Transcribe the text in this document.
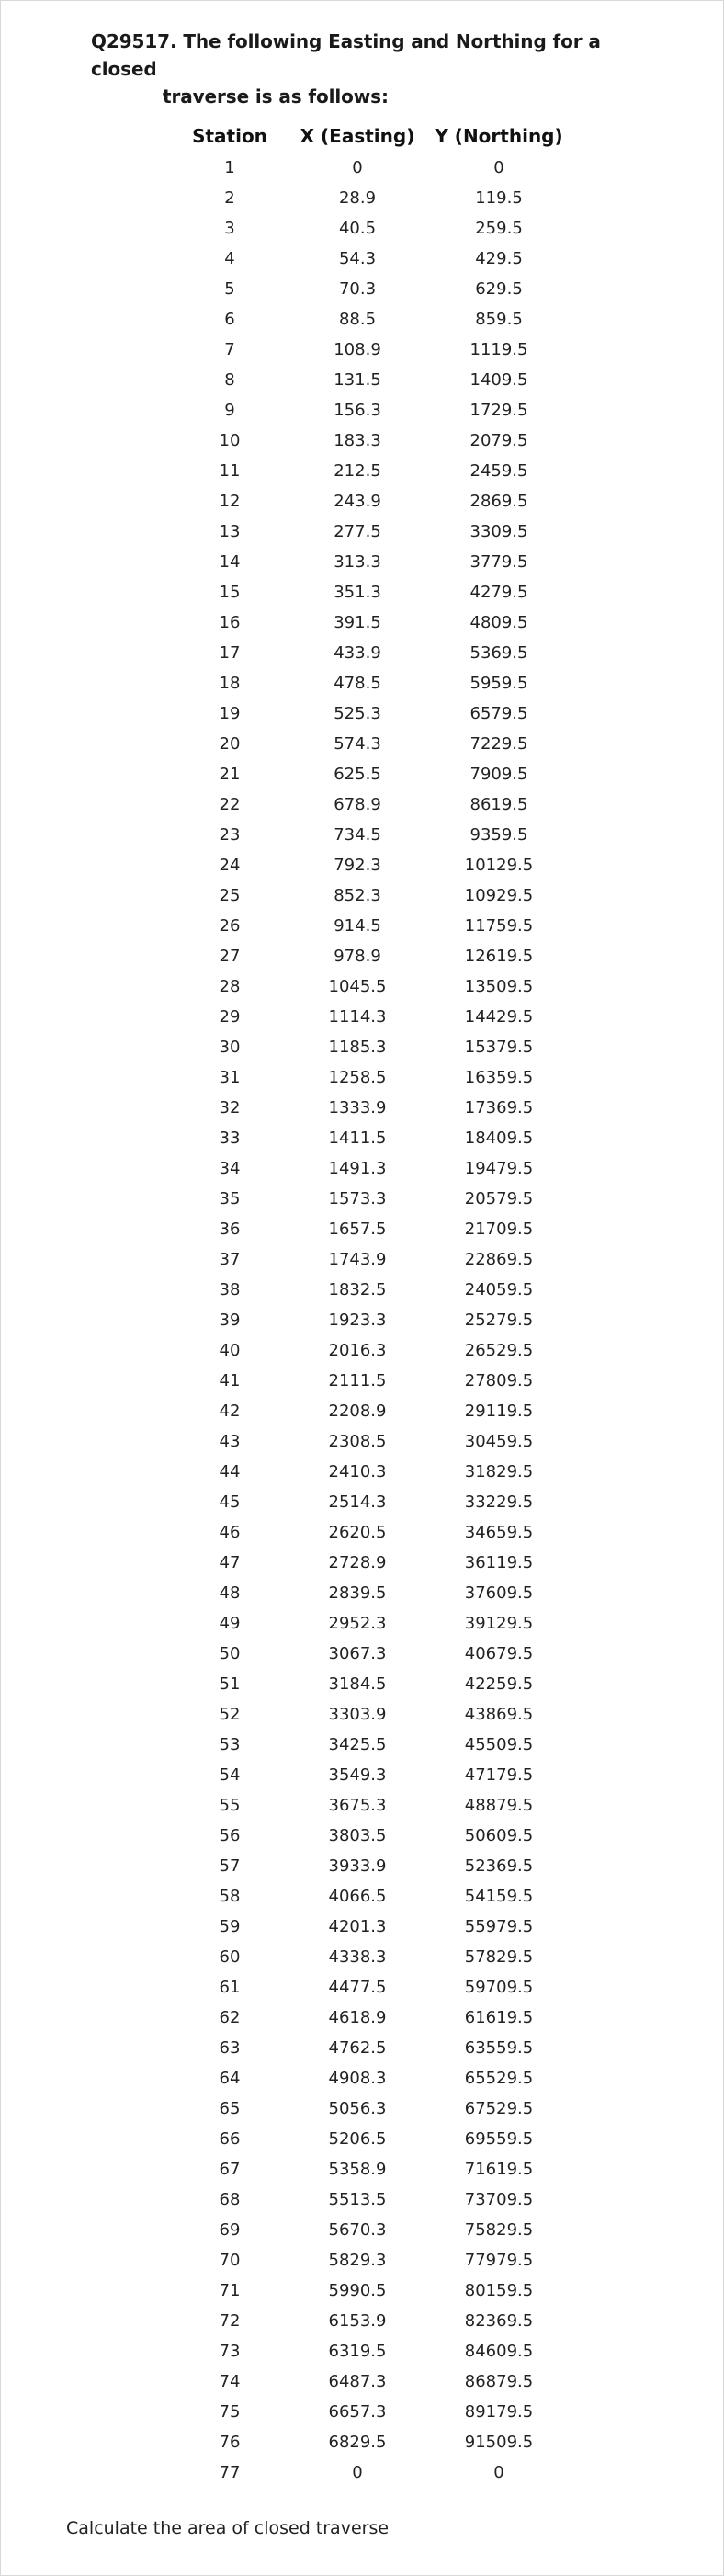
Q29517. The following Easting and Northing for a closed
traverse is as follows:
Station	X (Easting)	Y (Northing)
1	0	0
2	28.9	119.5
3	40.5	259.5
4	54.3	429.5
5	70.3	629.5
6	88.5	859.5
7	108.9	1119.5
8	131.5	1409.5
9	156.3	1729.5
10	183.3	2079.5
11	212.5	2459.5
12	243.9	2869.5
13	277.5	3309.5
14	313.3	3779.5
15	351.3	4279.5
16	391.5	4809.5
17	433.9	5369.5
18	478.5	5959.5
19	525.3	6579.5
20	574.3	7229.5
21	625.5	7909.5
22	678.9	8619.5
23	734.5	9359.5
24	792.3	10129.5
25	852.3	10929.5
26	914.5	11759.5
27	978.9	12619.5
28	1045.5	13509.5
29	1114.3	14429.5
30	1185.3	15379.5
31	1258.5	16359.5
32	1333.9	17369.5
33	1411.5	18409.5
34	1491.3	19479.5
35	1573.3	20579.5
36	1657.5	21709.5
37	1743.9	22869.5
38	1832.5	24059.5
39	1923.3	25279.5
40	2016.3	26529.5
41	2111.5	27809.5
42	2208.9	29119.5
43	2308.5	30459.5
44	2410.3	31829.5
45	2514.3	33229.5
46	2620.5	34659.5
47	2728.9	36119.5
48	2839.5	37609.5
49	2952.3	39129.5
50	3067.3	40679.5
51	3184.5	42259.5
52	3303.9	43869.5
53	3425.5	45509.5
54	3549.3	47179.5
55	3675.3	48879.5
56	3803.5	50609.5
57	3933.9	52369.5
58	4066.5	54159.5
59	4201.3	55979.5
60	4338.3	57829.5
61	4477.5	59709.5
62	4618.9	61619.5
63	4762.5	63559.5
64	4908.3	65529.5
65	5056.3	67529.5
66	5206.5	69559.5
67	5358.9	71619.5
68	5513.5	73709.5
69	5670.3	75829.5
70	5829.3	77979.5
71	5990.5	80159.5
72	6153.9	82369.5
73	6319.5	84609.5
74	6487.3	86879.5
75	6657.3	89179.5
76	6829.5	91509.5
77	0	0
Calculate the area of closed traverse
